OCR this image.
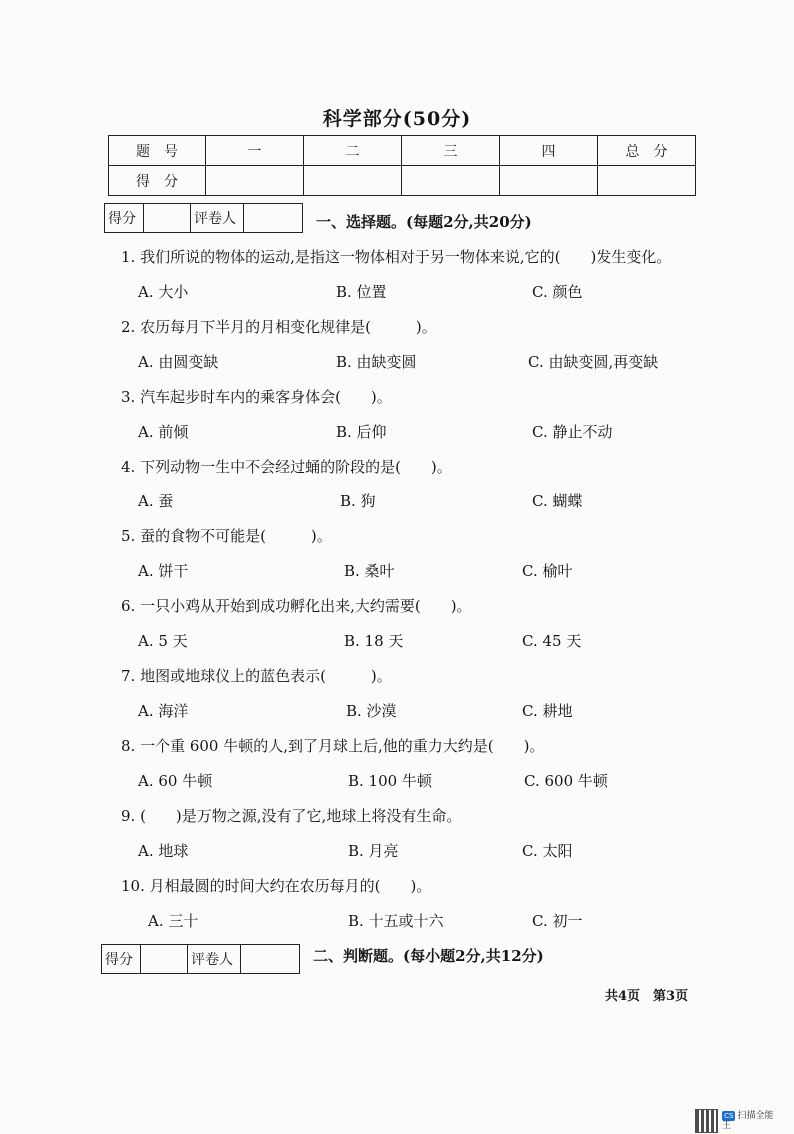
科学部分(50分)
题　号	一	二	三	四	总　分
得　分					
得分		评卷人		一、选择题。(每题2分,共20分)
1. 我们所说的物体的运动,是指这一物体相对于另一物体来说,它的(　　)发生变化。
A. 大小	B. 位置	C. 颜色
2. 农历每月下半月的月相变化规律是(　　　)。
A. 由圆变缺	B. 由缺变圆	C. 由缺变圆,再变缺
3. 汽车起步时车内的乘客身体会(　　)。
A. 前倾	B. 后仰	C. 静止不动
4. 下列动物一生中不会经过蛹的阶段的是(　　)。
A. 蚕	B. 狗	C. 蝴蝶
5. 蚕的食物不可能是(　　　)。
A. 饼干	B. 桑叶	C. 榆叶
6. 一只小鸡从开始到成功孵化出来,大约需要(　　)。
A. 5 天	B. 18 天	C. 45 天
7. 地图或地球仪上的蓝色表示(　　　)。
A. 海洋	B. 沙漠	C. 耕地
8. 一个重 600 牛顿的人,到了月球上后,他的重力大约是(　　)。
A. 60 牛顿	B. 100 牛顿	C. 600 牛顿
9. (　　)是万物之源,没有了它,地球上将没有生命。
A. 地球	B. 月亮	C. 太阳
10. 月相最圆的时间大约在农历每月的(　　)。
A. 三十	B. 十五或十六	C. 初一
得分		评卷人		二、判断题。(每小题2分,共12分)
共4页　第3页
CS 扫描全能王
